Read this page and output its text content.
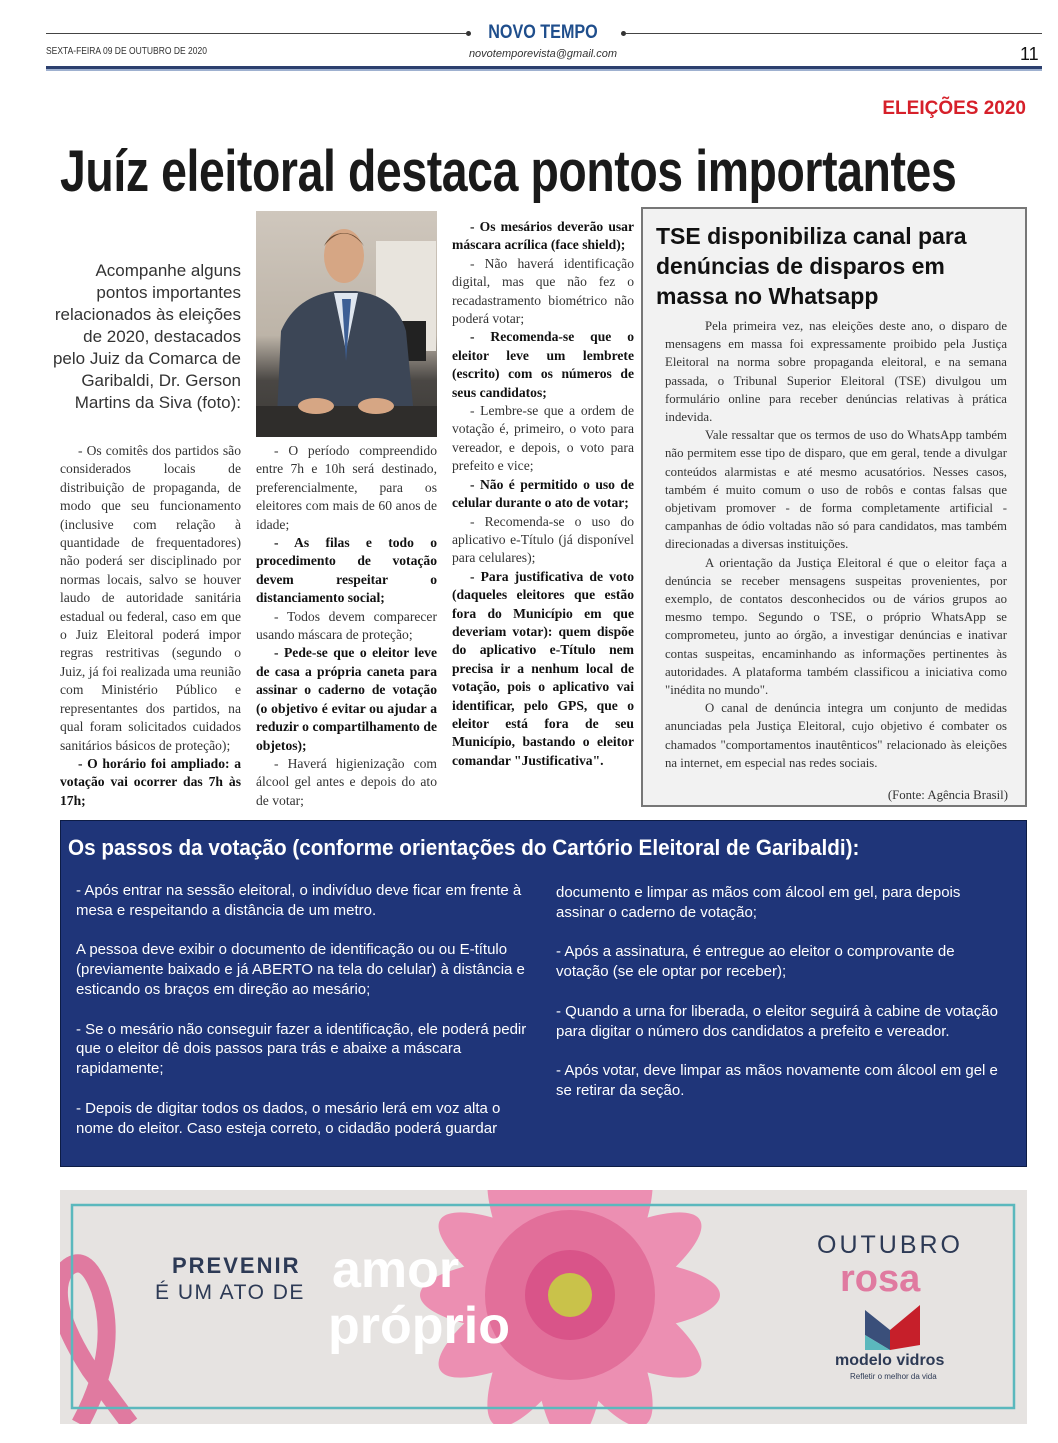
NOVO TEMPO
SEXTA-FEIRA 09 DE OUTUBRO DE 2020	novotemporevista@gmail.com	11
ELEIÇÕES 2020
Juíz eleitoral destaca pontos importantes
Acompanhe alguns pontos importantes relacionados às eleições de 2020, destacados pelo Juiz da Comarca de Garibaldi, Dr. Gerson Martins da Siva (foto):

- Os comitês dos partidos são considerados locais de distribuição de propaganda, de modo que seu funcionamento (inclusive com relação à quantidade de frequentadores) não poderá ser disciplinado por normas locais, salvo se houver laudo de autoridade sanitária estadual ou federal, caso em que o Juiz Eleitoral poderá impor regras restritivas (segundo o Juiz, já foi realizada uma reunião com Ministério Público e representantes dos partidos, na qual foram solicitados cuidados sanitários básicos de proteção);

- O horário foi ampliado: a votação vai ocorrer das 7h às 17h;

- O período compreendido entre 7h e 10h será destinado, preferencialmente, para os eleitores com mais de 60 anos de idade;

- As filas e todo o procedimento de votação devem respeitar o distanciamento social;

- Todos devem comparecer usando máscara de proteção;

- Pede-se que o eleitor leve de casa a própria caneta para assinar o caderno de votação (o objetivo é evitar ou ajudar a reduzir o compartilhamento de objetos);

- Haverá higienização com álcool gel antes e depois do ato de votar;

- Os mesários deverão usar máscara acrílica (face shield);

- Não haverá identificação digital, mas que não fez o recadastramento biométrico não poderá votar;

- Recomenda-se que o eleitor leve um lembrete (escrito) com os números de seus candidatos;

- Lembre-se que a ordem de votação é, primeiro, o voto para vereador, e depois, o voto para prefeito e vice;

- Não é permitido o uso de celular durante o ato de votar;

- Recomenda-se o uso do aplicativo e-Título (já disponível para celulares);

- Para justificativa de voto (daqueles eleitores que estão fora do Município em que deveriam votar): quem dispõe do aplicativo e-Título nem precisa ir a nenhum local de votação, pois o aplicativo vai identificar, pelo GPS, que o eleitor está fora de seu Município, bastando o eleitor comandar "Justificativa".

TSE disponibiliza canal para denúncias de disparos em massa no Whatsapp

Pela primeira vez, nas eleições deste ano, o disparo de mensagens em massa foi expressamente proibido pela Justiça Eleitoral na norma sobre propaganda eleitoral, e na semana passada, o Tribunal Superior Eleitoral (TSE) divulgou um formulário online para receber denúncias relativas à prática indevida.

Vale ressaltar que os termos de uso do WhatsApp também não permitem esse tipo de disparo, que em geral, tende a divulgar conteúdos alarmistas e até mesmo acusatórios. Nesses casos, também é muito comum o uso de robôs e contas falsas que objetivam promover - de forma completamente artificial - campanhas de ódio voltadas não só para candidatos, mas também direcionadas a diversas instituições.

A orientação da Justiça Eleitoral é que o eleitor faça a denúncia se receber mensagens suspeitas provenientes, por exemplo, de contatos desconhecidos ou de vários grupos ao mesmo tempo. Segundo o TSE, o próprio WhatsApp se comprometeu, junto ao órgão, a investigar denúncias e inativar contas suspeitas, encaminhando as informações pertinentes às autoridades. A plataforma também classificou a iniciativa como "inédita no mundo".

O canal de denúncia integra um conjunto de medidas anunciadas pela Justiça Eleitoral, cujo objetivo é combater os chamados "comportamentos inautênticos" relacionado às eleições na internet, em especial nas redes sociais.

(Fonte: Agência Brasil)
Os passos da votação (conforme orientações do Cartório Eleitoral de Garibaldi):

- Após entrar na sessão eleitoral, o indivíduo deve ficar em frente à mesa e respeitando a distância de um metro.

A pessoa deve exibir o documento de identificação ou ou E-título (previamente baixado e já ABERTO na tela do celular) à distância e esticando os braços em direção ao mesário;

- Se o mesário não conseguir fazer a identificação, ele poderá pedir que o eleitor dê dois passos para trás e abaixe a máscara rapidamente;

- Depois de digitar todos os dados, o mesário lerá em voz alta o nome do eleitor. Caso esteja correto, o cidadão poderá guardar

documento e limpar as mãos com álcool em gel, para depois assinar o caderno de votação;

- Após a assinatura, é entregue ao eleitor o comprovante de votação (se ele optar por receber);

- Quando a urna for liberada, o eleitor seguirá à cabine de votação para digitar o número dos candidatos a prefeito e vereador.

- Após votar, deve limpar as mãos novamente com álcool em gel e se retirar da seção.

PREVENIR
É UM ATO DE amor
próprio
OUTUBRO
rosa
modelo vidros
Refletir o melhor da vida
